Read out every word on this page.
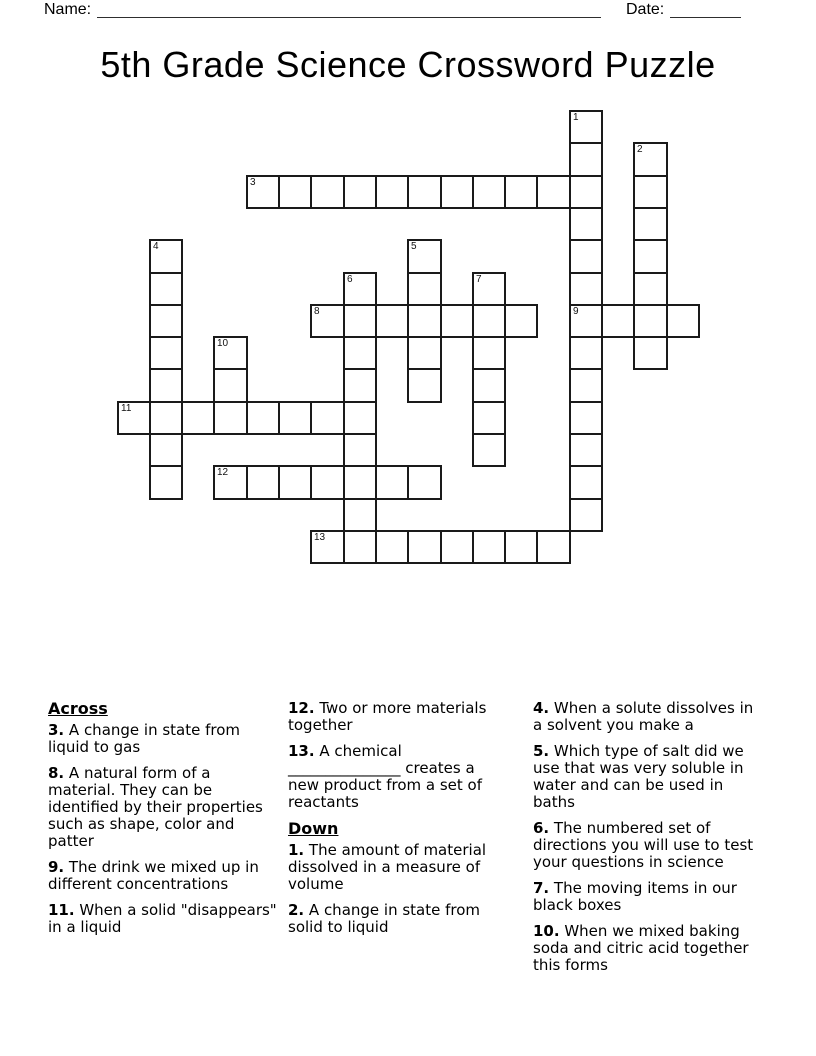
Name:	Date:
5th Grade Science Crossword Puzzle
1
2
3
4	5
6	7
8	9
10
11
12
13
Across
3. A change in state from liquid to gas
8. A natural form of a material. They can be identified by their properties such as shape, color and patter
9. The drink we mixed up in different concentrations
11. When a solid "disappears" in a liquid
12. Two or more materials together
13. A chemical _______________ creates a new product from a set of reactants
Down
1. The amount of material dissolved in a measure of volume
2. A change in state from solid to liquid
4. When a solute dissolves in a solvent you make a
5. Which type of salt did we use that was very soluble in water and can be used in baths
6. The numbered set of directions you will use to test your questions in science
7. The moving items in our black boxes
10. When we mixed baking soda and citric acid together this forms
